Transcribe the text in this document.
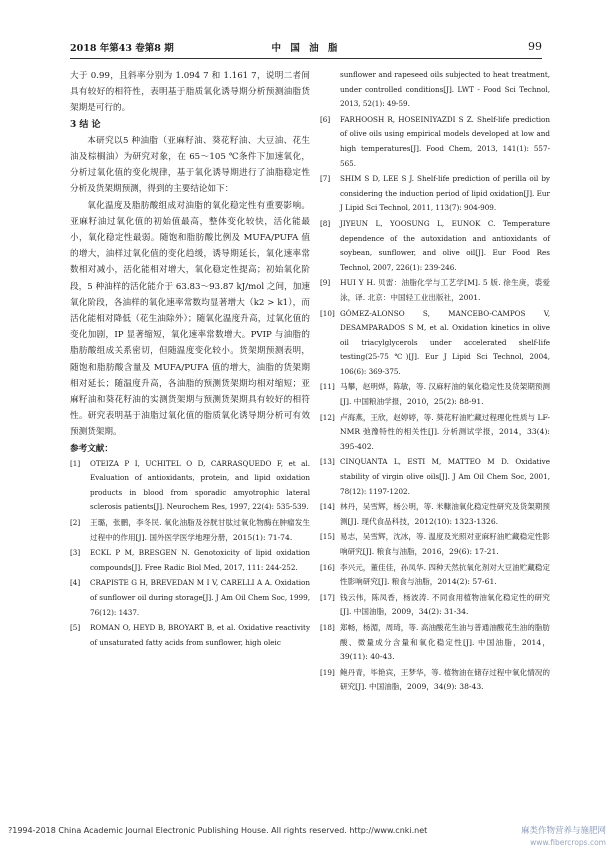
2018 年第43 卷第8 期	中 国 油 脂	99

大于 0.99，且斜率分别为 1.094 7 和 1.161 7，说明二者间具有较好的相符性，表明基于脂质氧化诱导期分析预测油脂货架期是可行的。

3 结 论

本研究以5 种油脂（亚麻籽油、葵花籽油、大豆油、花生油及棕榈油）为研究对象，在 65～105 ℃条件下加速氧化，分析过氧化值的变化规律，基于氧化诱导期进行了油脂稳定性分析及货架期预测，得到的主要结论如下：

氧化温度及脂肪酸组成对油脂的氧化稳定性有重要影响。亚麻籽油过氧化值的初始值最高，整体变化较快，活化能最小，氧化稳定性最弱。随饱和脂肪酸比例及 MUFA/PUFA 值的增大，油样过氧化值的变化趋缓，诱导期延长，氧化速率常数相对减小，活化能相对增大，氧化稳定性提高；初始氧化阶段，5 种油样的活化能介于 63.83～93.87 kJ/mol 之间，加速氧化阶段，各油样的氧化速率常数均显著增大（k2 > k1），而活化能相对降低（花生油除外）；随氧化温度升高，过氧化值的变化加剧，IP 显著缩短，氧化速率常数增大。PVIP 与油脂的脂肪酸组成关系密切，但随温度变化较小。货架期预测表明，随饱和脂肪酸含量及 MUFA/PUFA 值的增大，油脂的货架期相对延长；随温度升高，各油脂的预测货架期均相对缩短；亚麻籽油和葵花籽油的实测货架期与预测货架期具有较好的相符性。研究表明基于油脂过氧化值的脂质氧化诱导期分析可有效预测货架期。

参考文献：

[1]	OTEIZA P I, UCHITEL O D, CARRASQUEDO F, et al. Evaluation of antioxidants, protein, and lipid oxidation products in blood from sporadic amyotrophic lateral sclerosis patients[J]. Neurochem Res, 1997, 22(4): 535-539.
[2]	王璐，张鹏，李冬民. 氧化油脂及谷胱甘肽过氧化物酶在肿瘤发生过程中的作用[J]. 国外医学医学地理分册，2015(1): 71-74.
[3]	ECKL P M, BRESGEN N. Genotoxicity of lipid oxidation compounds[J]. Free Radic Biol Med, 2017, 111: 244-252.
[4]	CRAPISTE G H, BREVEDAN M I V, CARELLI A A. Oxidation of sunflower oil during storage[J]. J Am Oil Chem Soc, 1999, 76(12): 1437.
[5]	ROMAN O, HEYD B, BROYART B, et al. Oxidative reactivity of unsaturated fatty acids from sunflower, high oleic
sunflower and rapeseed oils subjected to heat treatment, under controlled conditions[J]. LWT - Food Sci Technol, 2013, 52(1): 49-59.
[6]	FARHOOSH R, HOSEINIYAZDI S Z. Shelf-life prediction of olive oils using empirical models developed at low and high temperatures[J]. Food Chem, 2013, 141(1): 557-565.
[7]	SHIM S D, LEE S J. Shelf-life prediction of perilla oil by considering the induction period of lipid oxidation[J]. Eur J Lipid Sci Technol, 2011, 113(7): 904-909.
[8]	JIYEUN L, YOOSUNG L, EUNOK C. Temperature dependence of the autoxidation and antioxidants of soybean, sunflower, and olive oil[J]. Eur Food Res Technol, 2007, 226(1): 239-246.
[9]	HUI Y H. 贝雷：油脂化学与工艺学[M]. 5 版. 徐生庚，裘爱泳，译. 北京：中国轻工业出版社，2001.
[10] GÓMEZ-ALONSO S, MANCEBO-CAMPOS V, DESAMPARADOS S M, et al. Oxidation kinetics in olive oil triacylglycerols under accelerated shelf-life testing(25-75 ℃)[J]. Eur J Lipid Sci Technol, 2004, 106(6): 369-375.
[11] 马攀，赵明烨，陈敏，等. 汉麻籽油的氧化稳定性及货架期预测[J]. 中国粮油学报，2010，25(2): 88-91.
[12] 卢海燕，王欣，赵婷婷，等. 葵花籽油贮藏过程理化性质与 LF-NMR 弛豫特性的相关性[J]. 分析测试学报，2014，33(4): 395-402.
[13] CINQUANTA L, ESTI M, MATTEO M D. Oxidative stability of virgin olive oils[J]. J Am Oil Chem Soc, 2001, 78(12): 1197-1202.
[14] 林丹，吴雪辉，杨公明，等. 米糠油氧化稳定性研究及货架期预测[J]. 现代食品科技，2012(10): 1323-1326.
[15] 易志，吴雪辉，沈冰，等. 温度及光照对亚麻籽油贮藏稳定性影响研究[J]. 粮食与油脂，2016，29(6): 17-21.
[16] 李兴元，董佳佳，孙凤华. 四种天然抗氧化剂对大豆油贮藏稳定性影响研究[J]. 粮食与油脂，2014(2): 57-61.
[17] 钱云伟，陈凤香，杨波涛. 不同食用植物油氧化稳定性的研究[J]. 中国油脂，2009，34(2): 31-34.
[18] 郑畅，杨湄，周琦，等. 高油酸花生油与普通油酸花生油的脂肪酸、微量成分含量和氧化稳定性[J]. 中国油脂，2014，39(11): 40-43.
[19] 鲍丹青，毕艳宾，王梦华，等. 植物油在储存过程中氧化情况的研究[J]. 中国油脂，2009，34(9): 38-43.
?1994-2018 China Academic Journal Electronic Publishing House. All rights reserved. http://www.cnki.net	麻类作物营养与施肥网
www.fibercrops.com
